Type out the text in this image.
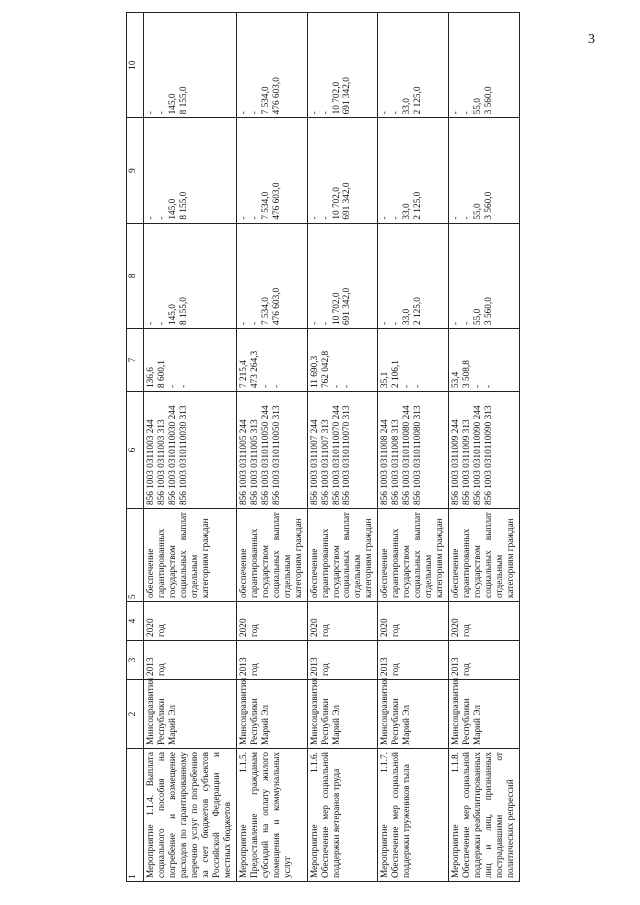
3
1	2	3	4	5	6	7	8	9	10
Мероприятие 1.1.4. Выплата социального пособия на погребение и возмещение расходов по гарантированному перечню услуг по погребению за счет бюджетов субъектов Российской Федерации и местных бюджетов	Минсоцразвития Республики Марий Эл	2013 год	2020 год	обеспечение гарантированных государством социальных выплат отдельным категориям граждан	856 1003 0311003 244 856 1003 0311003 313 856 1003 0310110030 244 856 1003 0310110030 313	136,6 8 600,1 - -	- - 145,0 8 155,0	- - 145,0 8 155,0	- - 145,0 8 155,0

Мероприятие 1.1.5. Предоставление гражданам субсидий на оплату жилого помещения и коммунальных услуг	Минсоцразвития Республики Марий Эл	2013 год	2020 год	обеспечение гарантированных государством социальных выплат отдельным категориям граждан	856 1003 0311005 244 856 1003 0311005 313 856 1003 0310110050 244 856 1003 0310110050 313	7 215,4 473 264,3 - -	- - 7 534,0 476 603,0	- - 7 534,0 476 603,0	- - 7 534,0 476 603,0

Мероприятие 1.1.6. Обеспечение мер социальной поддержки ветеранов труда	Минсоцразвития Республики Марий Эл	2013 год	2020 год	обеспечение гарантированных государством социальных выплат отдельным категориям граждан	856 1003 0311007 244 856 1003 0311007 313 856 1003 0310110070 244 856 1003 0310110070 313	11 690,3 762 042,8 - -	- - 10 702,0 691 342,0	- - 10 702,0 691 342,0	- - 10 702,0 691 342,0

Мероприятие 1.1.7. Обеспечение мер социальной поддержки тружеников тыла	Минсоцразвития Республики Марий Эл	2013 год	2020 год	обеспечение гарантированных государством социальных выплат отдельным категориям граждан	856 1003 0311008 244 856 1003 0311008 313 856 1003 0310110080 244 856 1003 0310110080 313	35,1 2 106,1 - -	- - 33,0 2 125,0	- - 33,0 2 125,0	- - 33,0 2 125,0

Мероприятие 1.1.8. Обеспечение мер социальной поддержки реабилитированных лиц и лиц, признанных пострадавшими от политических репрессий	Минсоцразвития Республики Марий Эл	2013 год	2020 год	обеспечение гарантированных государством социальных выплат отдельным категориям граждан	856 1003 0311009 244 856 1003 0311009 313 856 1003 0310110090 244 856 1003 0310110090 313	53,4 3 508,8 - -	- - 55,0 3 560,0	- - 55,0 3 560,0	- - 55,0 3 560,0
